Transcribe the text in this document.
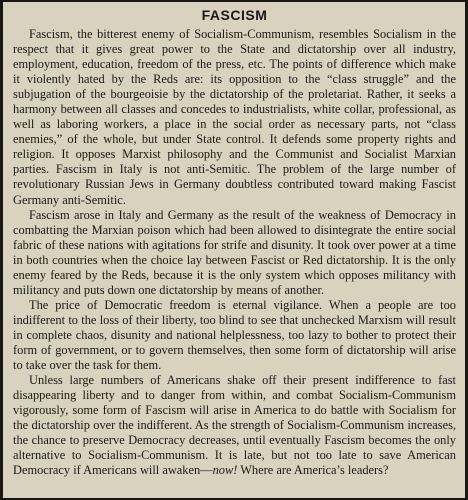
FASCISM

Fascism, the bitterest enemy of Socialism-Communism, resembles Socialism in the respect that it gives great power to the State and dictatorship over all industry, employment, education, freedom of the press, etc. The points of difference which make it violently hated by the Reds are: its opposition to the “class struggle” and the subjugation of the bourgeoisie by the dictatorship of the proletariat. Rather, it seeks a harmony between all classes and concedes to industrialists, white collar, professional, as well as laboring workers, a place in the social order as necessary parts, not “class enemies,” of the whole, but under State control. It defends some property rights and religion. It opposes Marxist philosophy and the Communist and Socialist Marxian parties. Fascism in Italy is not anti-Semitic. The problem of the large number of revolutionary Russian Jews in Germany doubtless contributed toward making Fascist Germany anti-Semitic.

Fascism arose in Italy and Germany as the result of the weakness of Democracy in combatting the Marxian poison which had been allowed to disintegrate the entire social fabric of these nations with agitations for strife and disunity. It took over power at a time in both countries when the choice lay between Fascist or Red dictatorship. It is the only enemy feared by the Reds, because it is the only system which opposes militancy with militancy and puts down one dictatorship by means of another.

The price of Democratic freedom is eternal vigilance. When a people are too indifferent to the loss of their liberty, too blind to see that unchecked Marxism will result in complete chaos, disunity and national helplessness, too lazy to bother to protect their form of government, or to govern themselves, then some form of dictatorship will arise to take over the task for them.

Unless large numbers of Americans shake off their present indifference to fast disappearing liberty and to danger from within, and combat Socialism-Communism vigorously, some form of Fascism will arise in America to do battle with Socialism for the dictatorship over the indifferent. As the strength of Socialism-Communism increases, the chance to preserve Democracy decreases, until eventually Fascism becomes the only alternative to Socialism-Communism. It is late, but not too late to save American Democracy if Americans will awaken—now! Where are America’s leaders?
